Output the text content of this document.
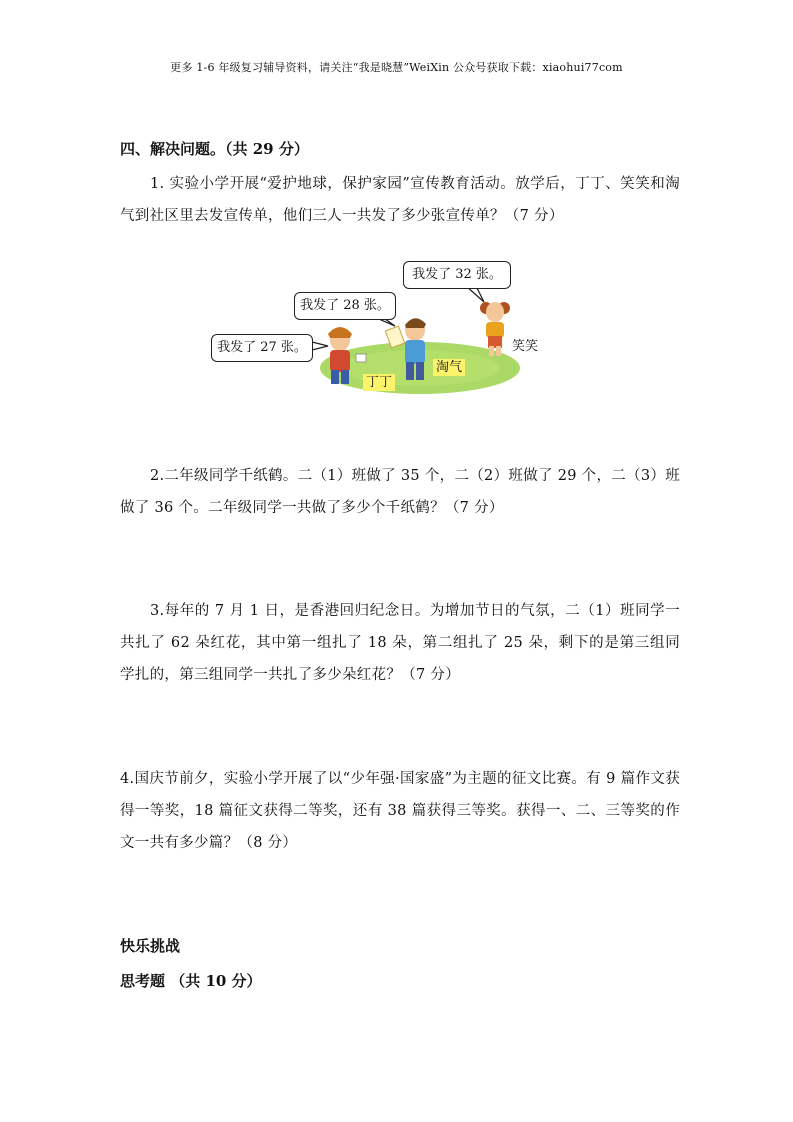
更多 1-6 年级复习辅导资料，请关注“我是晓慧”WeiXin 公众号获取下载：xiaohui77com
四、解决问题。（共 29 分）
1. 实验小学开展“爱护地球，保护家园”宣传教育活动。放学后，丁丁、笑笑和淘气到社区里去发宣传单，他们三人一共发了多少张宣传单？（7 分）
我发了 27 张。
我发了 28 张。
我发了 32 张。
丁丁
淘气
笑笑
2.二年级同学千纸鹤。二（1）班做了 35 个，二（2）班做了 29 个，二（3）班做了 36 个。二年级同学一共做了多少个千纸鹤？（7 分）
3.每年的 7 月 1 日，是香港回归纪念日。为增加节日的气氛，二（1）班同学一共扎了 62 朵红花，其中第一组扎了 18 朵，第二组扎了 25 朵，剩下的是第三组同学扎的，第三组同学一共扎了多少朵红花？（7 分）
4.国庆节前夕，实验小学开展了以“少年强·国家盛”为主题的征文比赛。有 9 篇作文获得一等奖，18 篇征文获得二等奖，还有 38 篇获得三等奖。获得一、二、三等奖的作文一共有多少篇？（8 分）
快乐挑战
思考题 （共 10 分）
